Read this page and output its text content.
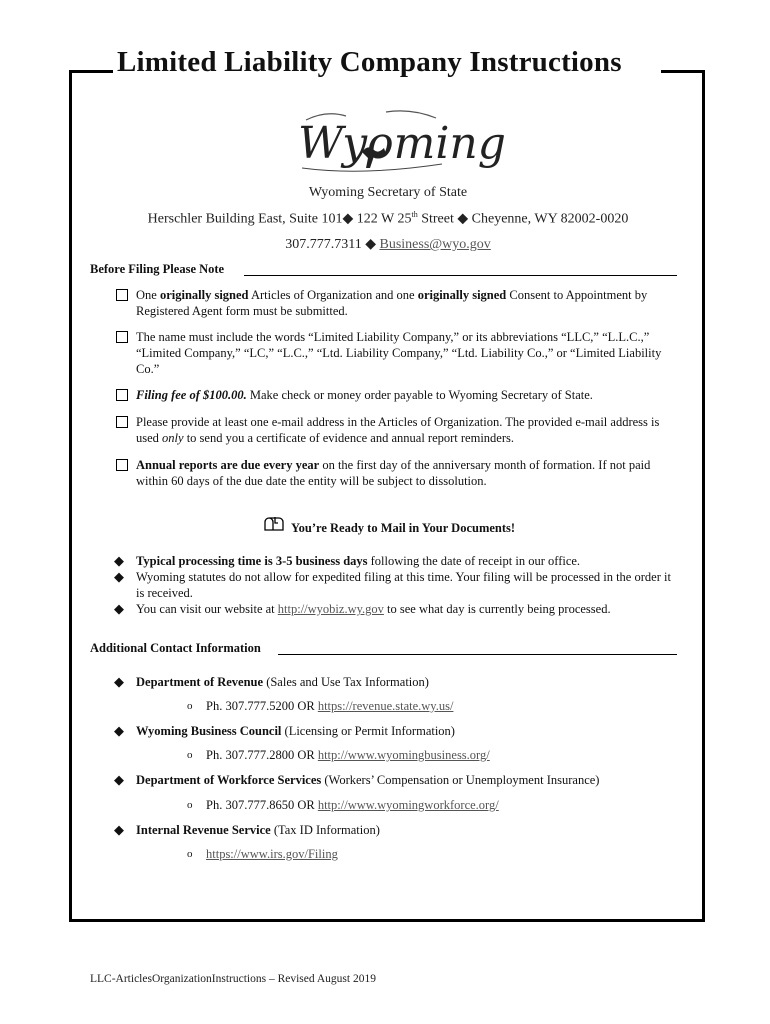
Limited Liability Company Instructions
Wyoming
Wyoming Secretary of State
Herschler Building East, Suite 101◆ 122 W 25th Street ◆ Cheyenne, WY 82002-0020
307.777.7311 ◆ Business@wyo.gov
Before Filing Please Note
One originally signed Articles of Organization and one originally signed Consent to Appointment by Registered Agent form must be submitted.
The name must include the words “Limited Liability Company,” or its abbreviations “LLC,” “L.L.C.,” “Limited Company,” “LC,” “L.C.,” “Ltd. Liability Company,” “Ltd. Liability Co.,” or “Limited Liability Co.”
Filing fee of $100.00. Make check or money order payable to Wyoming Secretary of State.
Please provide at least one e-mail address in the Articles of Organization. The provided e-mail address is used only to send you a certificate of evidence and annual report reminders.
Annual reports are due every year on the first day of the anniversary month of formation. If not paid within 60 days of the due date the entity will be subject to dissolution.
You’re Ready to Mail in Your Documents!
◆ Typical processing time is 3-5 business days following the date of receipt in our office.
◆ Wyoming statutes do not allow for expedited filing at this time. Your filing will be processed in the order it is received.
◆ You can visit our website at http://wyobiz.wy.gov to see what day is currently being processed.
Additional Contact Information
◆ Department of Revenue (Sales and Use Tax Information)
o Ph. 307.777.5200 OR https://revenue.state.wy.us/
◆ Wyoming Business Council (Licensing or Permit Information)
o Ph. 307.777.2800 OR http://www.wyomingbusiness.org/
◆ Department of Workforce Services (Workers’ Compensation or Unemployment Insurance)
o Ph. 307.777.8650 OR http://www.wyomingworkforce.org/
◆ Internal Revenue Service (Tax ID Information)
o https://www.irs.gov/Filing
LLC-ArticlesOrganizationInstructions – Revised August 2019
